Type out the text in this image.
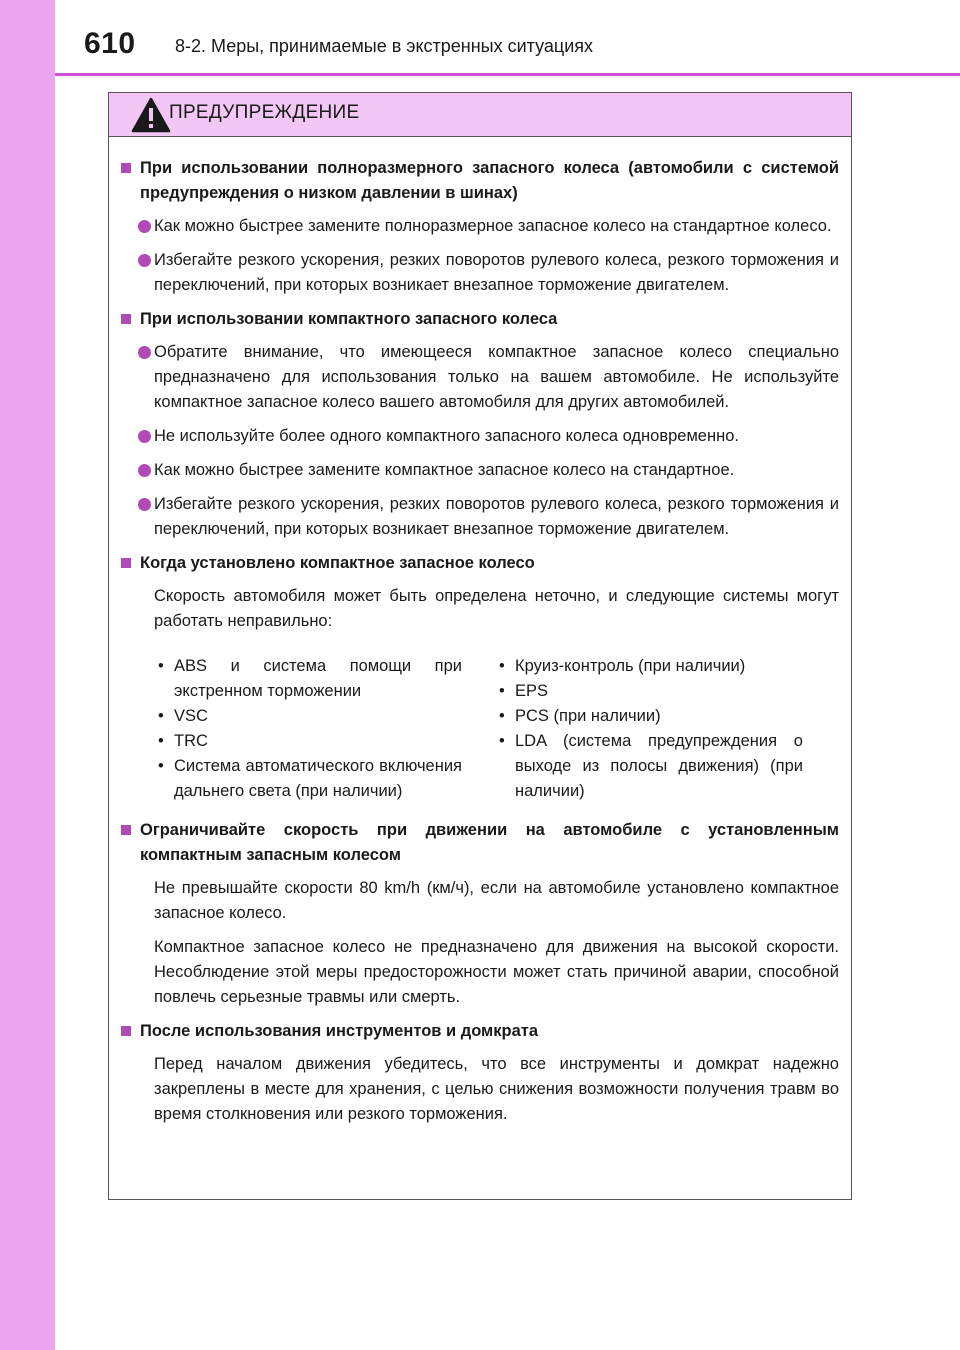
610 8-2. Меры, принимаемые в экстренных ситуациях
ПРЕДУПРЕЖДЕНИЕ
При использовании полноразмерного запасного колеса (автомобили с системой предупреждения о низком давлении в шинах)
Как можно быстрее замените полноразмерное запасное колесо на стандартное колесо.
Избегайте резкого ускорения, резких поворотов рулевого колеса, резкого торможения и переключений, при которых возникает внезапное торможение двигателем.
При использовании компактного запасного колеса
Обратите внимание, что имеющееся компактное запасное колесо специально предназначено для использования только на вашем автомобиле. Не используйте компактное запасное колесо вашего автомобиля для других автомобилей.
Не используйте более одного компактного запасного колеса одновременно.
Как можно быстрее замените компактное запасное колесо на стандартное.
Избегайте резкого ускорения, резких поворотов рулевого колеса, резкого торможения и переключений, при которых возникает внезапное торможение двигателем.
Когда установлено компактное запасное колесо
Скорость автомобиля может быть определена неточно, и следующие системы могут работать неправильно:
• ABS и система помощи при экстренном торможении
• VSC
• TRC
• Система автоматического включения дальнего света (при наличии)
• Круиз-контроль (при наличии)
• EPS
• PCS (при наличии)
• LDA (система предупреждения о выходе из полосы движения) (при наличии)
Ограничивайте скорость при движении на автомобиле с установленным компактным запасным колесом
Не превышайте скорости 80 km/h (км/ч), если на автомобиле установлено компактное запасное колесо.
Компактное запасное колесо не предназначено для движения на высокой скорости. Несоблюдение этой меры предосторожности может стать причиной аварии, способной повлечь серьезные травмы или смерть.
После использования инструментов и домкрата
Перед началом движения убедитесь, что все инструменты и домкрат надежно закреплены в месте для хранения, с целью снижения возможности получения травм во время столкновения или резкого торможения.
